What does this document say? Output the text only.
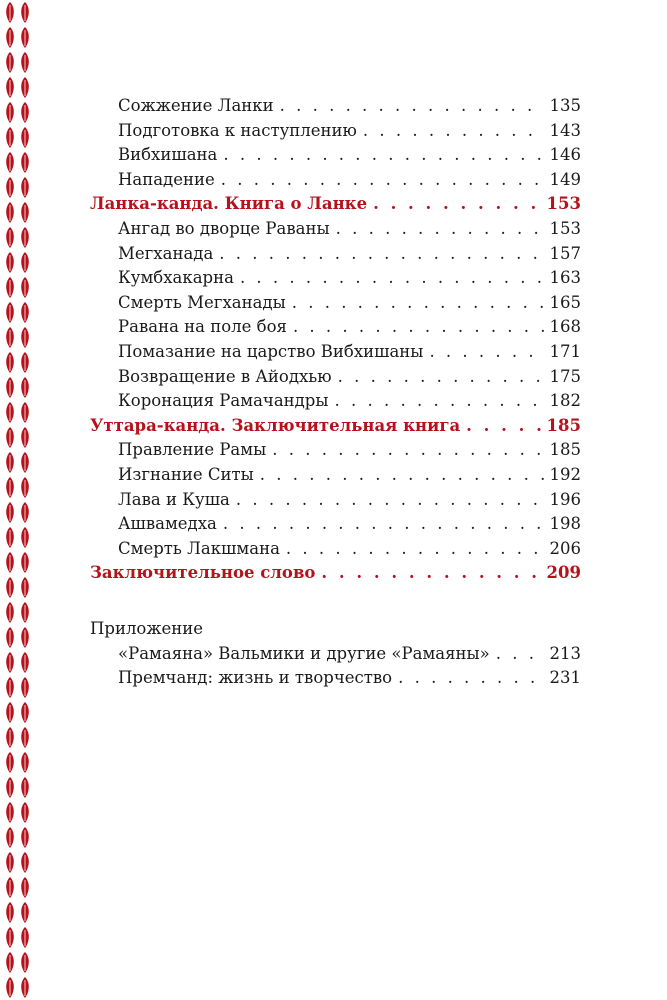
Сожжение Ланки . . .	135
Подготовка к наступлению . . .	143
Вибхишана . . .	146
Нападение . . .	149
Ланка-канда. Книга о Ланке . . .	153
Ангад во дворце Раваны . . .	153
Мегханада . . .	157
Кумбхакарна . . .	163
Смерть Мегханады . . .	165
Равана на поле боя . . .	168
Помазание на царство Вибхишаны . . .	171
Возвращение в Айодхью . . .	175
Коронация Рамачандры . . .	182
Уттара-канда. Заключительная книга . . .	185
Правление Рамы . . .	185
Изгнание Ситы . . .	192
Лава и Куша . . .	196
Ашвамедха . . .	198
Смерть Лакшмана . . .	206
Заключительное слово . . .	209
Приложение
«Рамаяна» Вальмики и другие «Рамаяны» . . .	213
Премчанд: жизнь и творчество . . .	231
